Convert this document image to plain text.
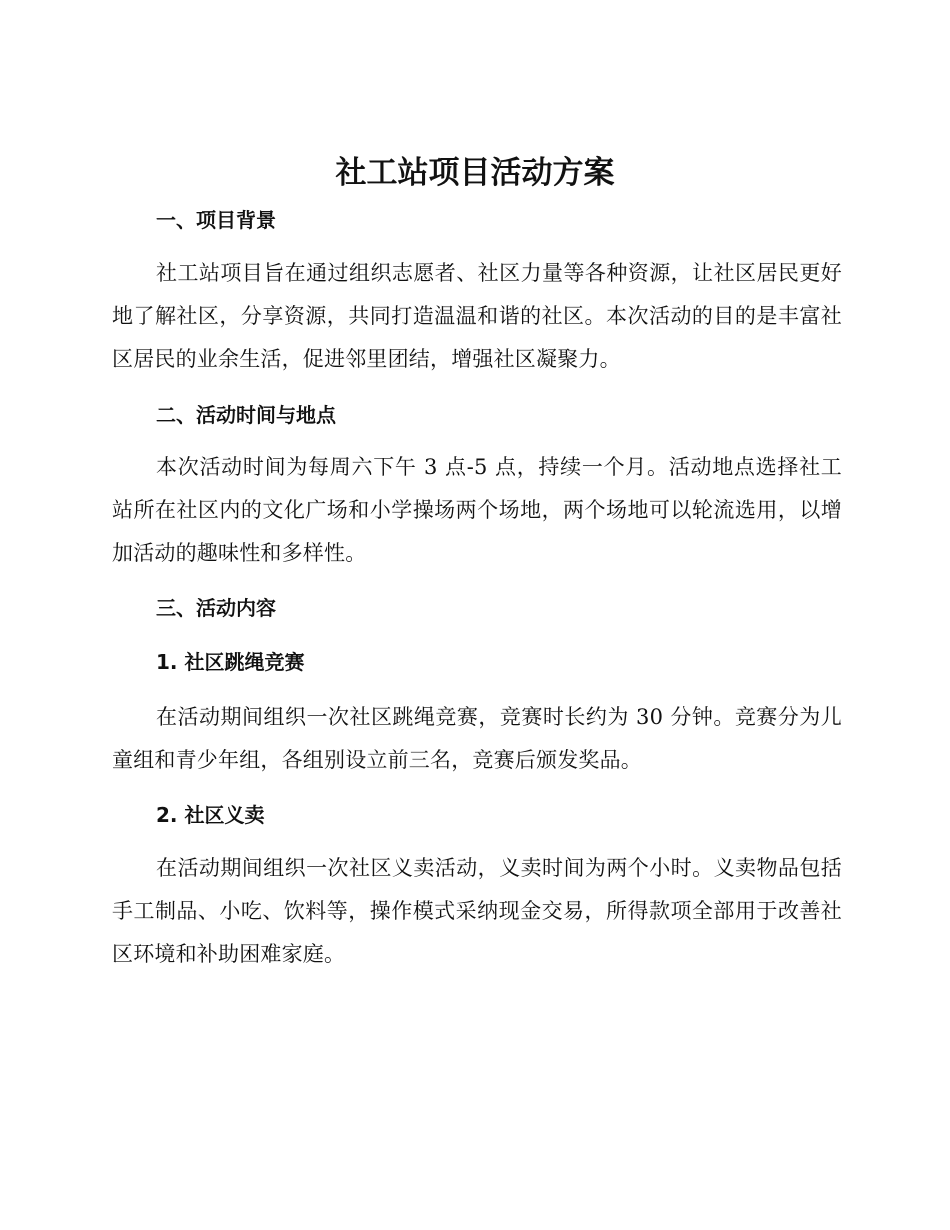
社工站项目活动方案
一、项目背景

社工站项目旨在通过组织志愿者、社区力量等各种资源，让社区居民更好地了解社区，分享资源，共同打造温温和谐的社区。本次活动的目的是丰富社区居民的业余生活，促进邻里团结，增强社区凝聚力。

二、活动时间与地点

本次活动时间为每周六下午 3 点-5 点，持续一个月。活动地点选择社工站所在社区内的文化广场和小学操场两个场地，两个场地可以轮流选用，以增加活动的趣味性和多样性。

三、活动内容
1. 社区跳绳竞赛

在活动期间组织一次社区跳绳竞赛，竞赛时长约为 30 分钟。竞赛分为儿童组和青少年组，各组别设立前三名，竞赛后颁发奖品。

2. 社区义卖

在活动期间组织一次社区义卖活动，义卖时间为两个小时。义卖物品包括手工制品、小吃、饮料等，操作模式采纳现金交易，所得款项全部用于改善社区环境和补助困难家庭。
